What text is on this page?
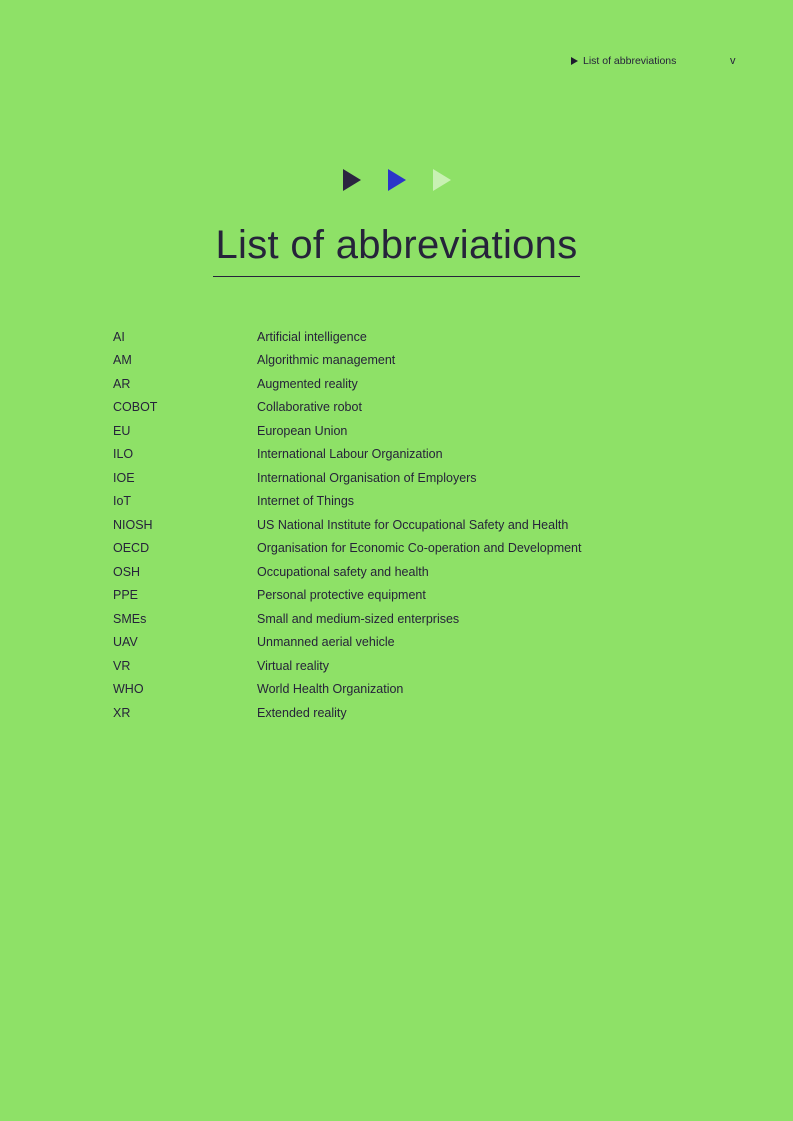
List of abbreviations	v
List of abbreviations
AI	Artificial intelligence
AM	Algorithmic management
AR	Augmented reality
COBOT	Collaborative robot
EU	European Union
ILO	International Labour Organization
IOE	International Organisation of Employers
IoT	Internet of Things
NIOSH	US National Institute for Occupational Safety and Health
OECD	Organisation for Economic Co-operation and Development
OSH	Occupational safety and health
PPE	Personal protective equipment
SMEs	Small and medium-sized enterprises
UAV	Unmanned aerial vehicle
VR	Virtual reality
WHO	World Health Organization
XR	Extended reality
